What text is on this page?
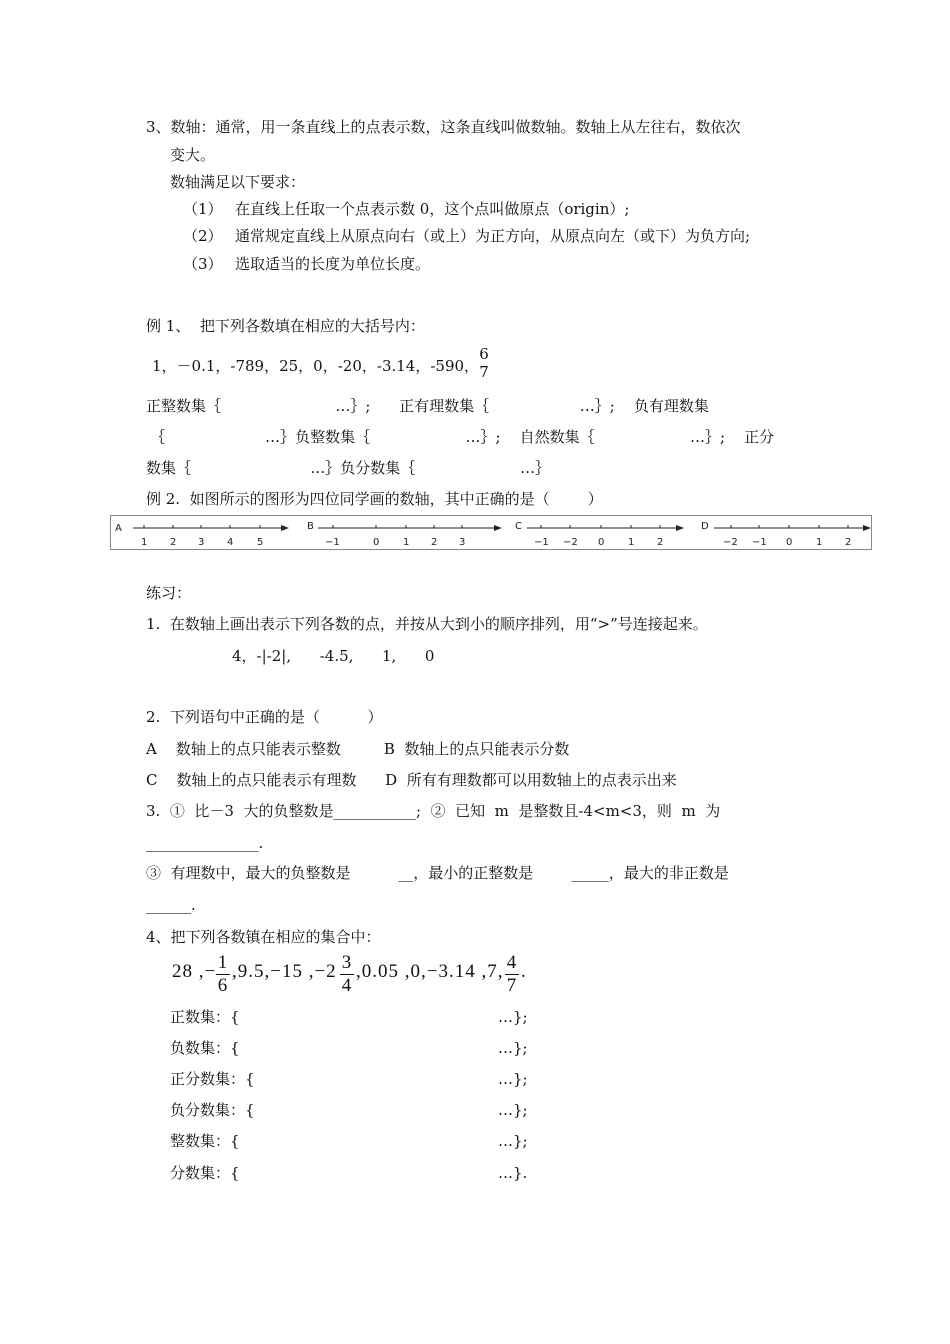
3、数轴：通常，用一条直线上的点表示数，这条直线叫做数轴。数轴上从左往右，数依次
变大。
数轴满足以下要求：
（1） 在直线上任取一个点表示数 0，这个点叫做原点（origin）;
（2） 通常规定直线上从原点向右（或上）为正方向，从原点向左（或下）为负方向;
（3） 选取适当的长度为单位长度。
例 1、  把下列各数填在相应的大括号内：
1，－0.1，-789，25，0，-20，-3.14，-590，
6
7
正整数集｛                        …｝;      正有理数集｛                   …｝;    负有理数集
｛                     …｝负整数集｛                    …｝;    自然数集｛                    …｝;    正分
数集｛                         …｝负分数集｛                      …｝
例 2.  如图所示的图形为四位同学画的数轴，其中正确的是（        ）
A
1 2 3 4 5
B
−1	0 1 2 3
C
−1 −2 0 1 2
D
−2 −1 0 1 2
练习：
1.  在数轴上画出表示下列各数的点，并按从大到小的顺序排列，用“>”号连接起来。
4，-|-2|,      -4.5,      1,      0
2.  下列语句中正确的是（          ）
A    数轴上的点只能表示整数         B  数轴上的点只能表示分数
C    数轴上的点只能表示有理数      D  所有有理数都可以用数轴上的点表示出来
3.  ①  比－3  大的负整数是___________;  ②  已知  m  是整数且-4<m<3，则  m  为
_______________.
③  有理数中，最大的负整数是          __，最小的正整数是        _____，最大的非正数是
______.
4、把下列各数镇在相应的集合中：
28 ,− $\frac{1}{6} ,9.5,-15$ $,-2 \frac{3}{4} ,0.05$ ,0,−3.14 ,7, $\frac{4}{7}$ .
正数集：{	…};
负数集：{	…};
正分数集：{	…};
负分数集：{	…};
整数集：{	…};
分数集：{	…}.
